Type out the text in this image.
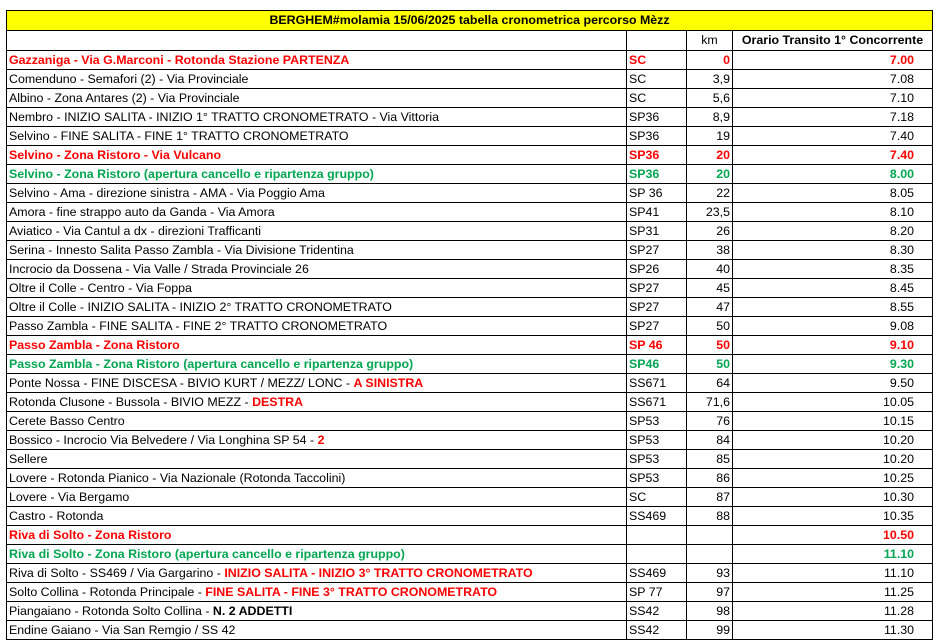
BERGHEM#molamia 15/06/2025 tabella cronometrica percorso Mèzz			
		km	Orario Transito 1° Concorrente
Gazzaniga - Via G.Marconi - Rotonda Stazione PARTENZA	SC	0	7.00
Comenduno - Semafori (2) - Via Provinciale	SC	3,9	7.08
Albino - Zona Antares (2) - Via Provinciale	SC	5,6	7.10
Nembro - INIZIO SALITA - INIZIO 1° TRATTO CRONOMETRATO - Via Vittoria	SP36	8,9	7.18
Selvino - FINE SALITA - FINE 1° TRATTO CRONOMETRATO	SP36	19	7.40
Selvino - Zona Ristoro - Via Vulcano	SP36	20	7.40
Selvino - Zona Ristoro (apertura cancello e ripartenza gruppo)	SP36	20	8.00
Selvino - Ama - direzione sinistra - AMA - Via Poggio Ama	SP 36	22	8.05
Amora - fine strappo auto da Ganda - Via Amora	SP41	23,5	8.10
Aviatico - Via Cantul a dx - direzioni Trafficanti	SP31	26	8.20
Serina - Innesto Salita Passo Zambla - Via Divisione Tridentina	SP27	38	8.30
Incrocio da Dossena - Via Valle / Strada Provinciale 26	SP26	40	8.35
Oltre il Colle - Centro - Via Foppa	SP27	45	8.45
Oltre il Colle - INIZIO SALITA - INIZIO 2° TRATTO CRONOMETRATO	SP27	47	8.55
Passo Zambla - FINE SALITA - FINE 2° TRATTO CRONOMETRATO	SP27	50	9.08
Passo Zambla - Zona Ristoro	SP 46	50	9.10
Passo Zambla - Zona Ristoro (apertura cancello e ripartenza gruppo)	SP46	50	9.30
Ponte Nossa - FINE DISCESA - BIVIO KURT / MEZZ/ LONC - A SINISTRA	SS671	64	9.50
Rotonda Clusone - Bussola - BIVIO MEZZ - DESTRA	SS671	71,6	10.05
Cerete Basso Centro	SP53	76	10.15
Bossico - Incrocio Via Belvedere / Via Longhina SP 54 - 2	SP53	84	10.20
Sellere	SP53	85	10.20
Lovere - Rotonda Pianico - Via Nazionale (Rotonda Taccolini)	SP53	86	10.25
Lovere - Via Bergamo	SC	87	10.30
Castro - Rotonda	SS469	88	10.35
Riva di Solto - Zona Ristoro			10.50
Riva di Solto - Zona Ristoro (apertura cancello e ripartenza gruppo)			11.10
Riva di Solto - SS469 / Via Gargarino - INIZIO SALITA - INIZIO 3° TRATTO CRONOMETRATO	SS469	93	11.10
Solto Collina - Rotonda Principale - FINE SALITA - FINE 3° TRATTO CRONOMETRATO	SP 77	97	11.25
Piangaiano - Rotonda Solto Collina - N. 2 ADDETTI	SS42	98	11.28
Endine Gaiano - Via San Remgio / SS 42	SS42	99	11.30
